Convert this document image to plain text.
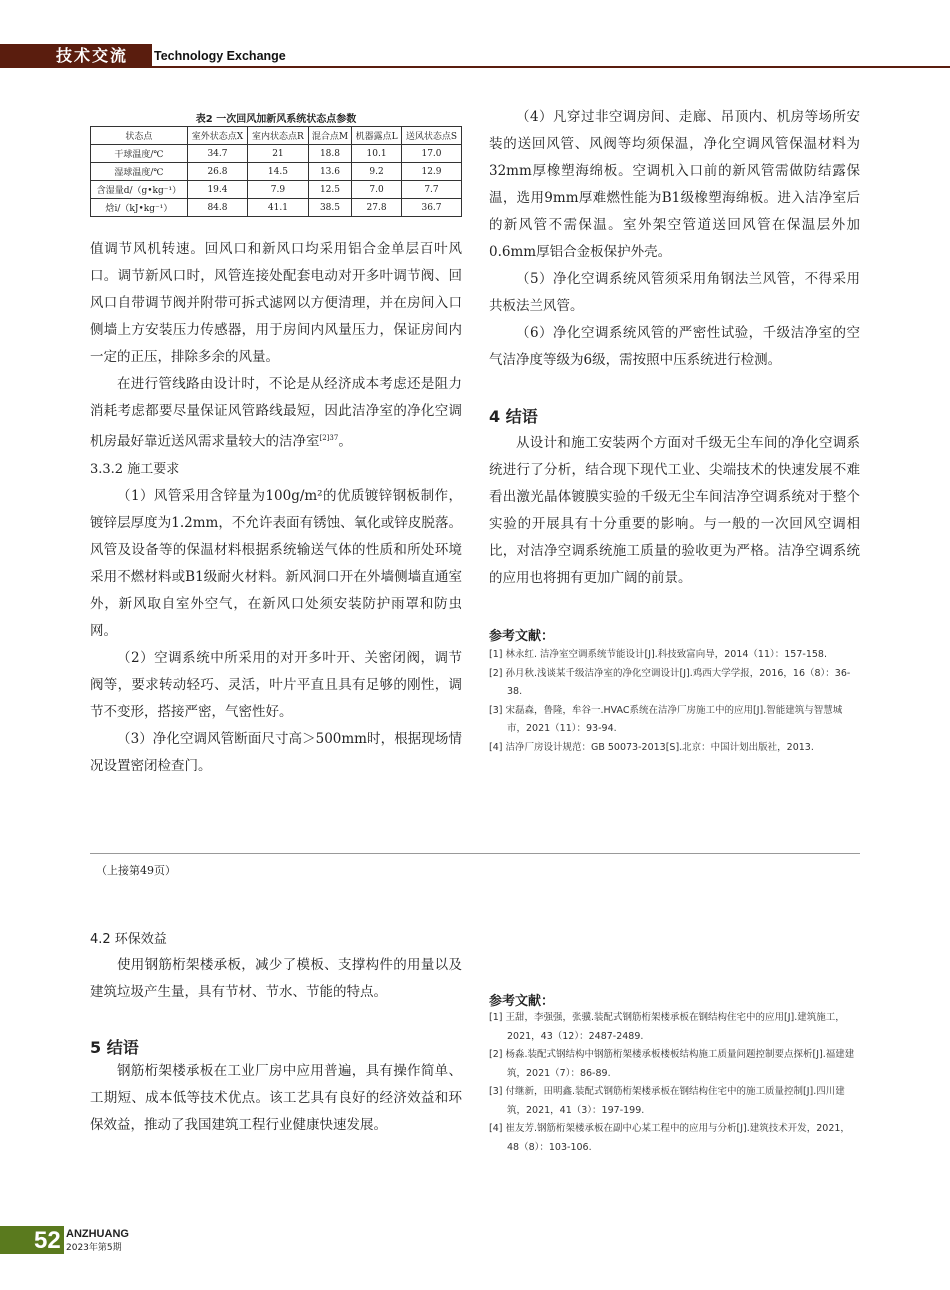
技术交流 Technology Exchange
表2 一次回风加新风系统状态点参数
状态点	室外状态点X	室内状态点R	混合点M	机器露点L	送风状态点S
干球温度/℃	34.7	21	18.8	10.1	17.0
湿球温度/℃	26.8	14.5	13.6	9.2	12.9
含湿量d/（g•kg⁻¹）	19.4	7.9	12.5	7.0	7.7
焓i/（kJ•kg⁻¹）	84.8	41.1	38.5	27.8	36.7

值调节风机转速。回风口和新风口均采用铝合金单层百叶风口。调节新风口时，风管连接处配套电动对开多叶调节阀、回风口自带调节阀并附带可拆式滤网以方便清理，并在房间入口侧墙上方安装压力传感器，用于房间内风量压力，保证房间内一定的正压，排除多余的风量。

在进行管线路由设计时，不论是从经济成本考虑还是阻力消耗考虑都要尽量保证风管路线最短，因此洁净室的净化空调机房最好靠近送风需求量较大的洁净室$^{[2]37}$。

3.3.2 施工要求

（1）风管采用含锌量为100g/m²的优质镀锌钢板制作，镀锌层厚度为1.2mm，不允许表面有锈蚀、氧化或锌皮脱落。风管及设备等的保温材料根据系统输送气体的性质和所处环境采用不燃材料或B1级耐火材料。新风洞口开在外墙侧墙直通室外，新风取自室外空气，在新风口处须安装防护雨罩和防虫网。

（2）空调系统中所采用的对开多叶开、关密闭阀，调节阀等，要求转动轻巧、灵活，叶片平直且具有足够的刚性，调节不变形，搭接严密，气密性好。

（3）净化空调风管断面尺寸高＞500mm时，根据现场情况设置密闭检查门。

（4）凡穿过非空调房间、走廊、吊顶内、机房等场所安装的送回风管、风阀等均须保温，净化空调风管保温材料为32mm厚橡塑海绵板。空调机入口前的新风管需做防结露保温，选用9mm厚难燃性能为B1级橡塑海绵板。进入洁净室后的新风管不需保温。室外架空管道送回风管在保温层外加0.6mm厚铝合金板保护外壳。

（5）净化空调系统风管须采用角钢法兰风管，不得采用共板法兰风管。

（6）净化空调系统风管的严密性试验，千级洁净室的空气洁净度等级为6级，需按照中压系统进行检测。

4 结语

从设计和施工安装两个方面对千级无尘车间的净化空调系统进行了分析，结合现下现代工业、尖端技术的快速发展不难看出激光晶体镀膜实验的千级无尘车间洁净空调系统对于整个实验的开展具有十分重要的影响。与一般的一次回风空调相比，对洁净空调系统施工质量的验收更为严格。洁净空调系统的应用也将拥有更加广阔的前景。

参考文献：
[1] 林永红. 洁净室空调系统节能设计[J].科技致富向导，2014（11）：157-158.
[2] 孙月秋.浅谈某千级洁净室的净化空调设计[J].鸡西大学学报，2016，16（8）：36-38.
[3] 宋磊森，鲁隆，牟谷一.HVAC系统在洁净厂房施工中的应用[J].智能建筑与智慧城市，2021（11）：93-94.
[4] 洁净厂房设计规范：GB 50073-2013[S].北京：中国计划出版社，2013.
（上接第49页）
4.2 环保效益

使用钢筋桁架楼承板，减少了模板、支撑构件的用量以及建筑垃圾产生量，具有节材、节水、节能的特点。

5 结语

钢筋桁架楼承板在工业厂房中应用普遍，具有操作简单、工期短、成本低等技术优点。该工艺具有良好的经济效益和环保效益，推动了我国建筑工程行业健康快速发展。

参考文献：
[1] 王甜，李强强，张骥.装配式钢筋桁架楼承板在钢结构住宅中的应用[J].建筑施工，2021，43（12）：2487-2489.
[2] 杨淼.装配式钢结构中钢筋桁架楼承板楼板结构施工质量问题控制要点探析[J].福建建筑，2021（7）：86-89.
[3] 付继新，田明鑫.装配式钢筋桁架楼承板在钢结构住宅中的施工质量控制[J].四川建筑，2021，41（3）：197-199.
[4] 崔友芳.钢筋桁架楼承板在副中心某工程中的应用与分析[J].建筑技术开发，2021，48（8）：103-106.
52 ANZHUANG
2023年第5期
